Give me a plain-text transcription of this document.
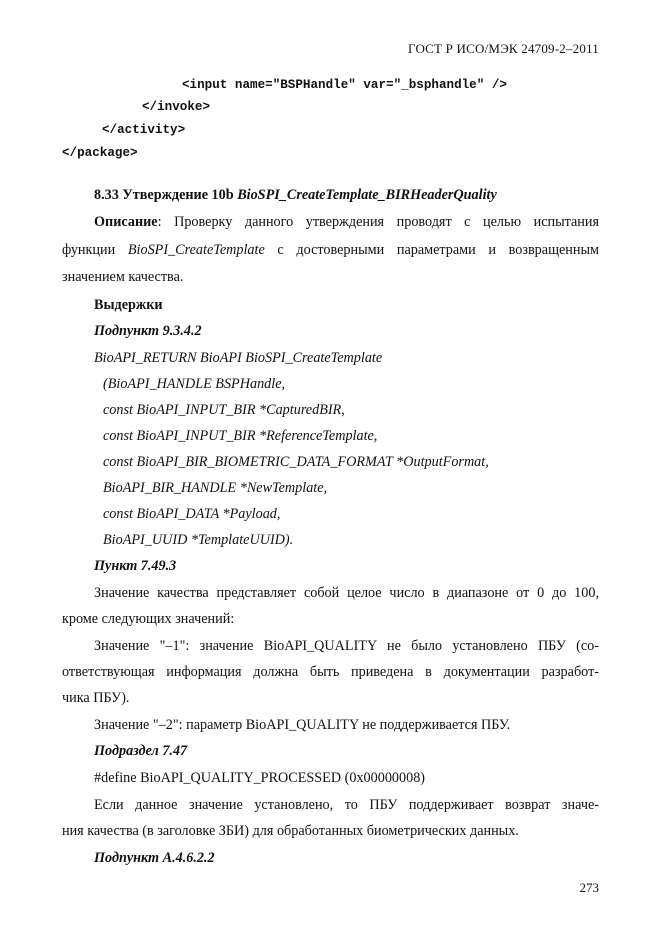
ГОСТ Р ИСО/МЭК 24709-2–2011
<input name="BSPHandle" var="_bsphandle" />
</invoke>
</activity>
</package>
8.33 Утверждение 10b BioSPI_CreateTemplate_BIRHeaderQuality
Описание: Проверку данного утверждения проводят с целью испытания
функции BioSPI_CreateTemplate с достоверными параметрами и возвращенным
значением качества.
Выдержки
Подпункт 9.3.4.2
BioAPI_RETURN BioAPI BioSPI_CreateTemplate
(BioAPI_HANDLE BSPHandle,
const BioAPI_INPUT_BIR *CapturedBIR,
const BioAPI_INPUT_BIR *ReferenceTemplate,
const BioAPI_BIR_BIOMETRIC_DATA_FORMAT *OutputFormat,
BioAPI_BIR_HANDLE *NewTemplate,
const BioAPI_DATA *Payload,
BioAPI_UUID *TemplateUUID).
Пункт 7.49.3
Значение качества представляет собой целое число в диапазоне от 0 до 100,
кроме следующих значений:
Значение "–1": значение BioAPI_QUALITY не было установлено ПБУ (со-
ответствующая информация должна быть приведена в документации разработ-
чика ПБУ).
Значение "–2": параметр BioAPI_QUALITY не поддерживается ПБУ.
Подраздел 7.47
#define BioAPI_QUALITY_PROCESSED (0x00000008)
Если данное значение установлено, то ПБУ поддерживает возврат значе-
ния качества (в заголовке ЗБИ) для обработанных биометрических данных.
Подпункт А.4.6.2.2
273
